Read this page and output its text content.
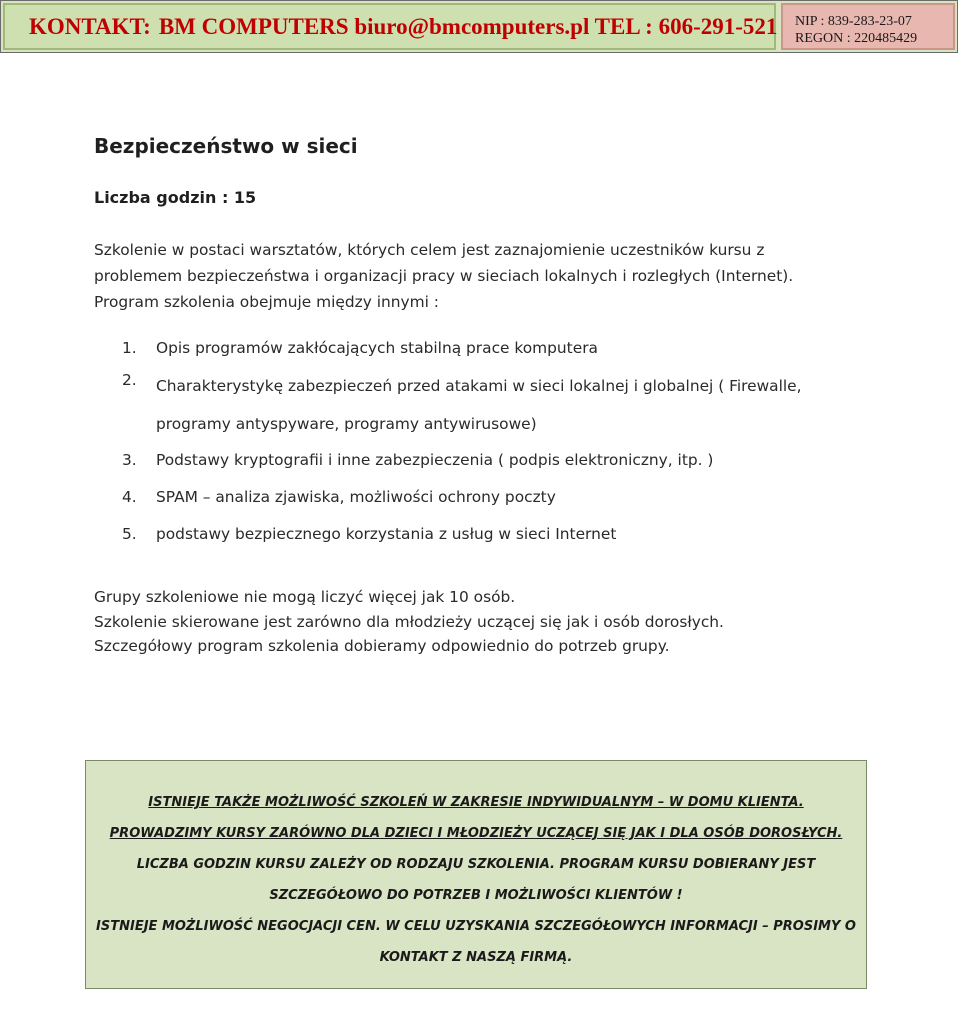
KONTAKT: BM COMPUTERS biuro@bmcomputers.pl TEL : 606-291-521 NIP : 839-283-23-07
REGON : 220485429
Bezpieczeństwo w sieci

Liczba godzin : 15

Szkolenie w postaci warsztatów, których celem jest zaznajomienie uczestników kursu z problemem bezpieczeństwa i organizacji pracy w sieciach lokalnych i rozległych (Internet). Program szkolenia obejmuje między innymi :

1. Opis programów zakłócających stabilną prace komputera
2. Charakterystykę zabezpieczeń przed atakami w sieci lokalnej i globalnej ( Firewalle, programy antyspyware, programy antywirusowe)
3. Podstawy kryptografii i inne zabezpieczenia ( podpis elektroniczny, itp. )
4. SPAM – analiza zjawiska, możliwości ochrony poczty
5. podstawy bezpiecznego korzystania z usług w sieci Internet
Grupy szkoleniowe nie mogą liczyć więcej jak 10 osób.
Szkolenie skierowane jest zarówno dla młodzieży uczącej się jak i osób dorosłych.
Szczegółowy program szkolenia dobieramy odpowiednio do potrzeb grupy.
ISTNIEJE TAKŻE MOŻLIWOŚĆ SZKOLEŃ W ZAKRESIE INDYWIDUALNYM – W DOMU KLIENTA.
PROWADZIMY KURSY ZARÓWNO DLA DZIECI I MŁODZIEŻY UCZĄCEJ SIĘ JAK I DLA OSÓB DOROSŁYCH.
LICZBA GODZIN KURSU ZALEŻY OD RODZAJU SZKOLENIA. PROGRAM KURSU DOBIERANY JEST
SZCZEGÓŁOWO DO POTRZEB I MOŻLIWOŚCI KLIENTÓW !
ISTNIEJE MOŻLIWOŚĆ NEGOCJACJI CEN. W CELU UZYSKANIA SZCZEGÓŁOWYCH INFORMACJI – PROSIMY O
KONTAKT Z NASZĄ FIRMĄ.
